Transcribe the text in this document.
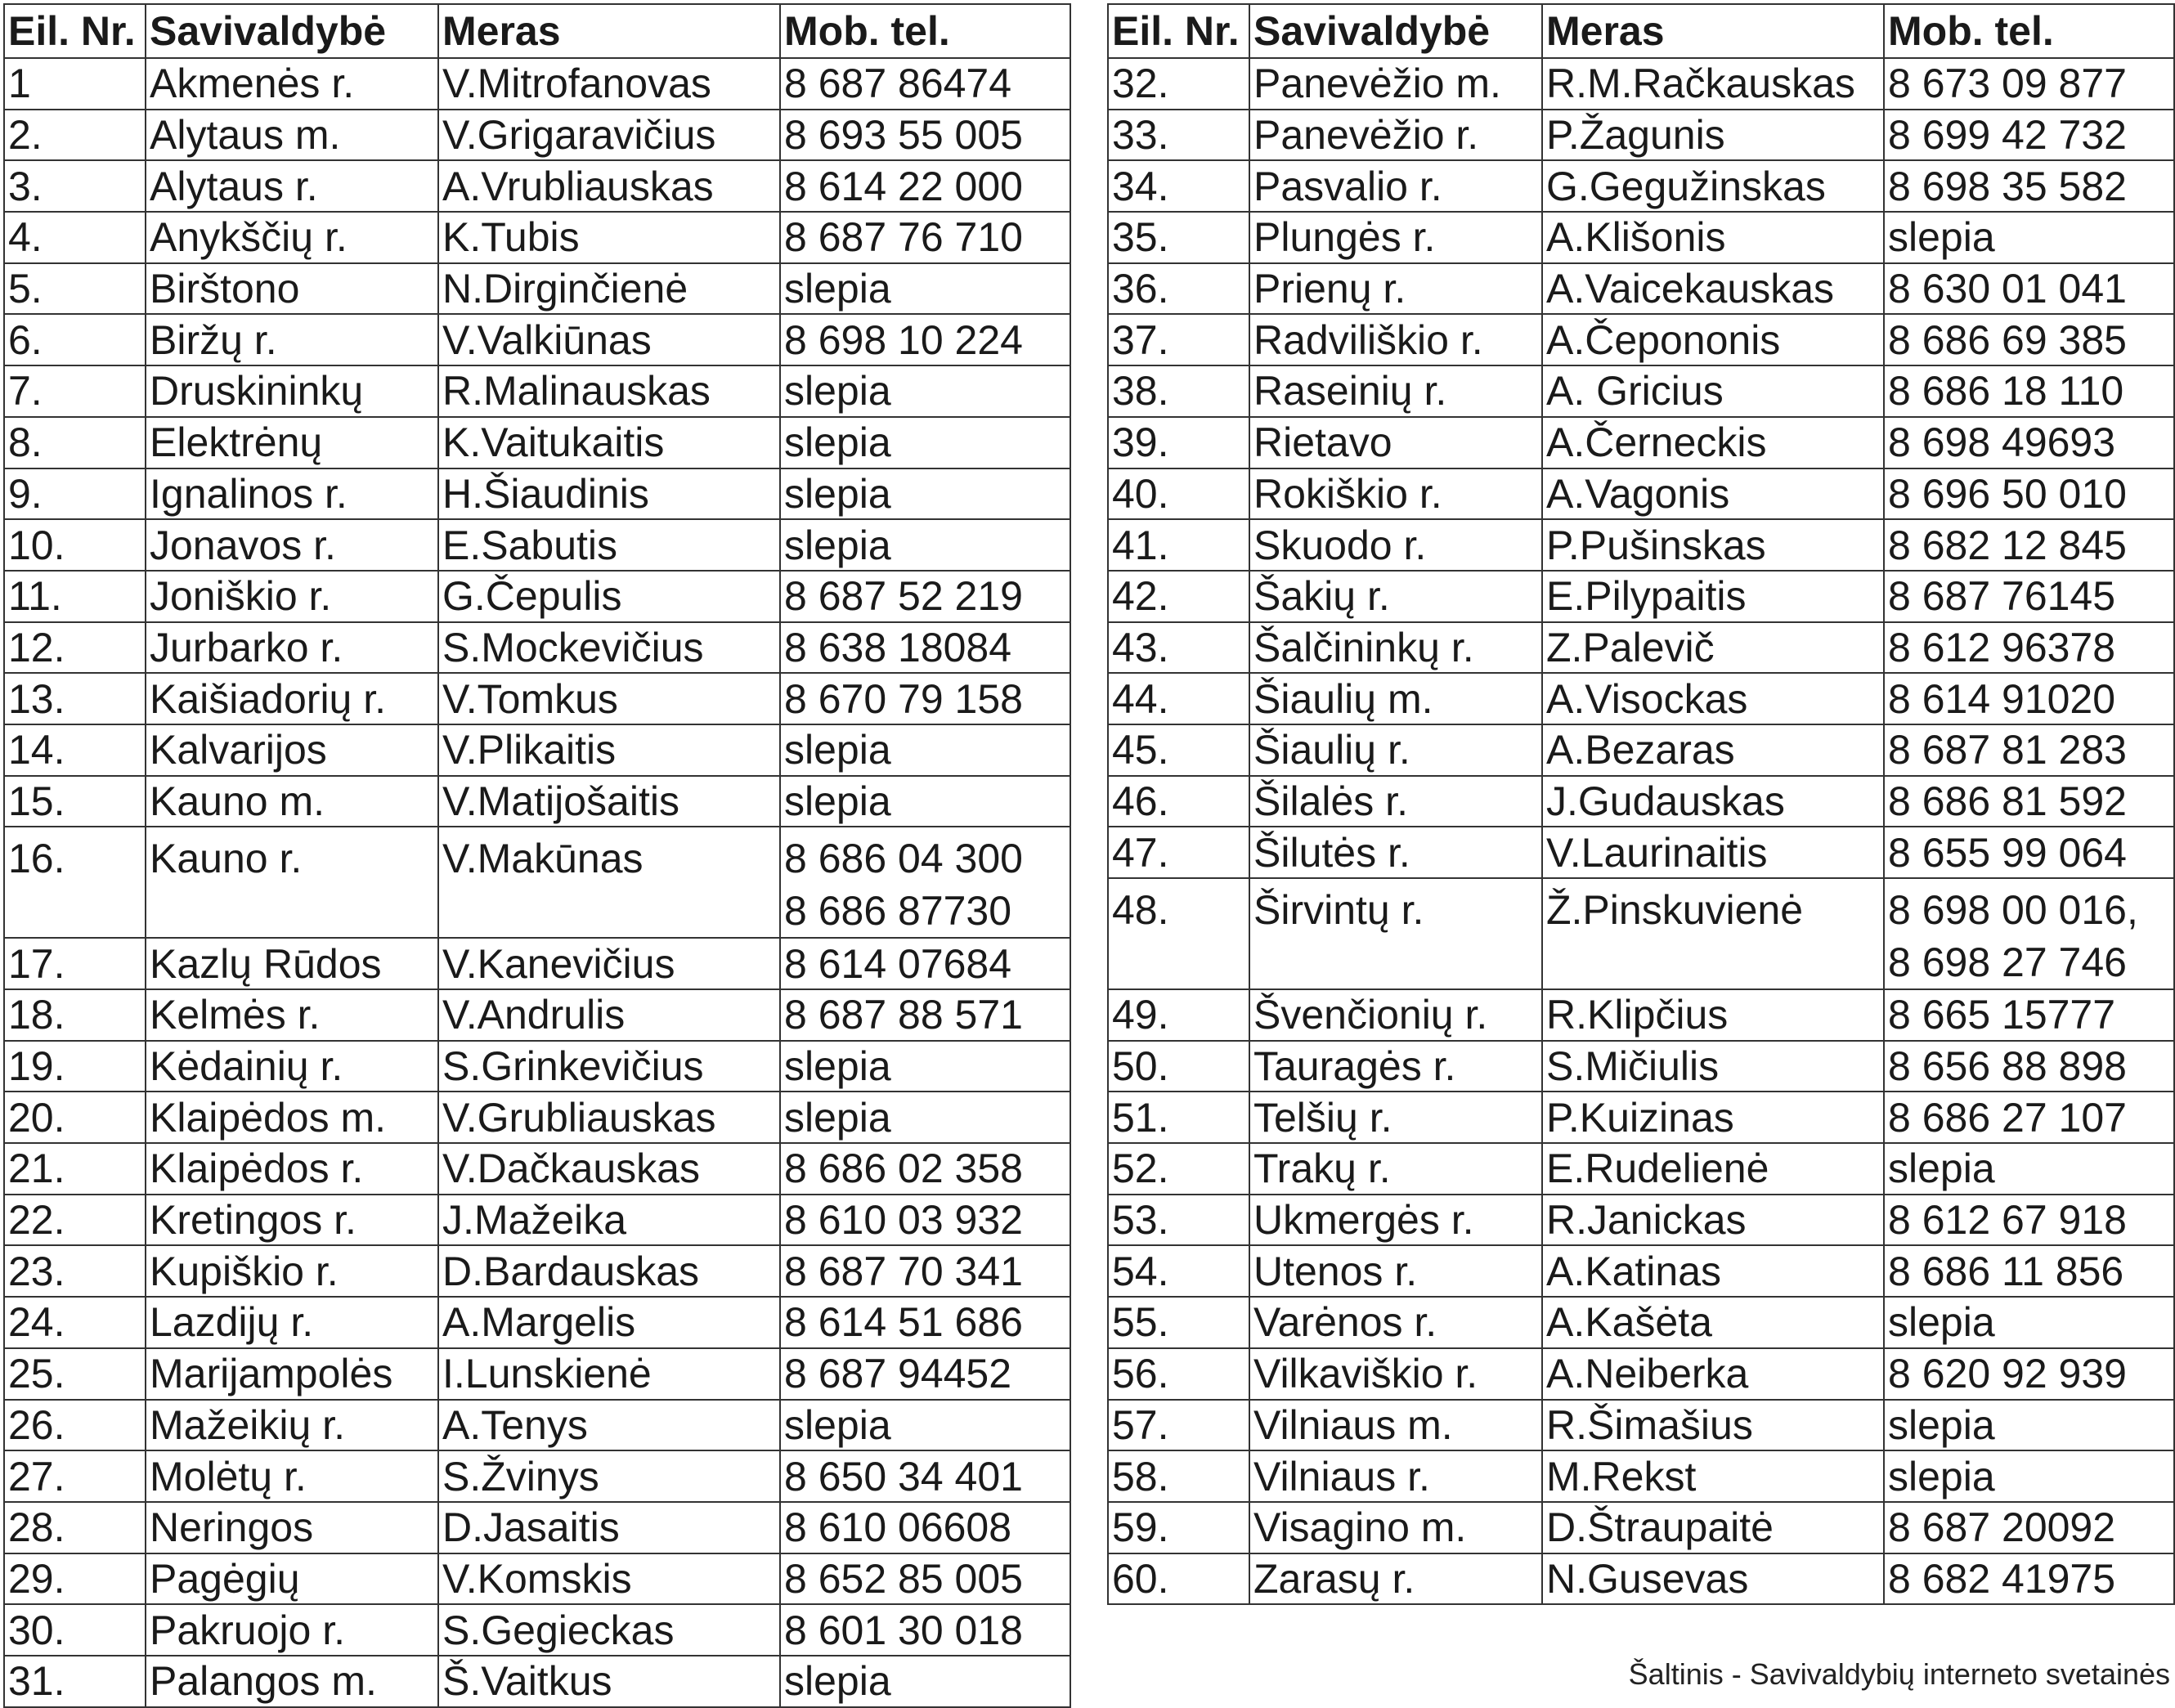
Eil. Nr.	Savivaldybė	Meras	Mob. tel.
1	Akmenės r.	V.Mitrofanovas	8 687 86474
2.	Alytaus m.	V.Grigaravičius	8 693 55 005
3.	Alytaus r.	A.Vrubliauskas	8 614 22 000
4.	Anykščių r.	K.Tubis	8 687 76 710
5.	Birštono	N.Dirginčienė	slepia
6.	Biržų r.	V.Valkiūnas	8 698 10 224
7.	Druskininkų	R.Malinauskas	slepia
8.	Elektrėnų	K.Vaitukaitis	slepia
9.	Ignalinos r.	H.Šiaudinis	slepia
10.	Jonavos r.	E.Sabutis	slepia
11.	Joniškio r.	G.Čepulis	8 687 52 219
12.	Jurbarko r.	S.Mockevičius	8 638 18084
13.	Kaišiadorių r.	V.Tomkus	8 670 79 158
14.	Kalvarijos	V.Plikaitis	slepia
15.	Kauno m.	V.Matijošaitis	slepia

16.	Kauno r.	V.Makūnas	8 686 04 300
8 686 87730

17.	Kazlų Rūdos	V.Kanevičius	8 614 07684
18.	Kelmės r.	V.Andrulis	8 687 88 571
19.	Kėdainių r.	S.Grinkevičius	slepia
20.	Klaipėdos m.	V.Grubliauskas	slepia
21.	Klaipėdos r.	V.Dačkauskas	8 686 02 358
22.	Kretingos r.	J.Mažeika	8 610 03 932
23.	Kupiškio r.	D.Bardauskas	8 687 70 341
24.	Lazdijų r.	A.Margelis	8 614 51 686
25.	Marijampolės	I.Lunskienė	8 687 94452
26.	Mažeikių r.	A.Tenys	slepia
27.	Molėtų r.	S.Žvinys	8 650 34 401
28.	Neringos	D.Jasaitis	8 610 06608
29.	Pagėgių	V.Komskis	8 652 85 005
30.	Pakruojo r.	S.Gegieckas	8 601 30 018
31.	Palangos m.	Š.Vaitkus	slepia
Eil. Nr.	Savivaldybė	Meras	Mob. tel.
32.	Panevėžio m.	R.M.Račkauskas	8 673 09 877
33.	Panevėžio r.	P.Žagunis	8 699 42 732
34.	Pasvalio r.	G.Gegužinskas	8 698 35 582
35.	Plungės r.	A.Klišonis	slepia
36.	Prienų r.	A.Vaicekauskas	8 630 01 041
37.	Radviliškio r.	A.Čepononis	8 686 69 385
38.	Raseinių r.	A. Gricius	8 686 18 110
39.	Rietavo	A.Černeckis	8 698 49693
40.	Rokiškio r.	A.Vagonis	8 696 50 010
41.	Skuodo r.	P.Pušinskas	8 682 12 845
42.	Šakių r.	E.Pilypaitis	8 687 76145
43.	Šalčininkų r.	Z.Palevič	8 612 96378
44.	Šiaulių m.	A.Visockas	8 614 91020
45.	Šiaulių r.	A.Bezaras	8 687 81 283
46.	Šilalės r.	J.Gudauskas	8 686 81 592
47.	Šilutės r.	V.Laurinaitis	8 655 99 064

48.	Širvintų r.	Ž.Pinskuvienė	8 698 00 016,
8 698 27 746

49.	Švenčionių r.	R.Klipčius	8 665 15777
50.	Tauragės r.	S.Mičiulis	8 656 88 898
51.	Telšių r.	P.Kuizinas	8 686 27 107
52.	Trakų r.	E.Rudelienė	slepia
53.	Ukmergės r.	R.Janickas	8 612 67 918
54.	Utenos r.	A.Katinas	8 686 11 856
55.	Varėnos r.	A.Kašėta	slepia
56.	Vilkaviškio r.	A.Neiberka	8 620 92 939
57.	Vilniaus m.	R.Šimašius	slepia
58.	Vilniaus r.	M.Rekst	slepia
59.	Visagino m.	D.Štraupaitė	8 687 20092
60.	Zarasų r.	N.Gusevas	8 682 41975
Šaltinis - Savivaldybių interneto svetainės
